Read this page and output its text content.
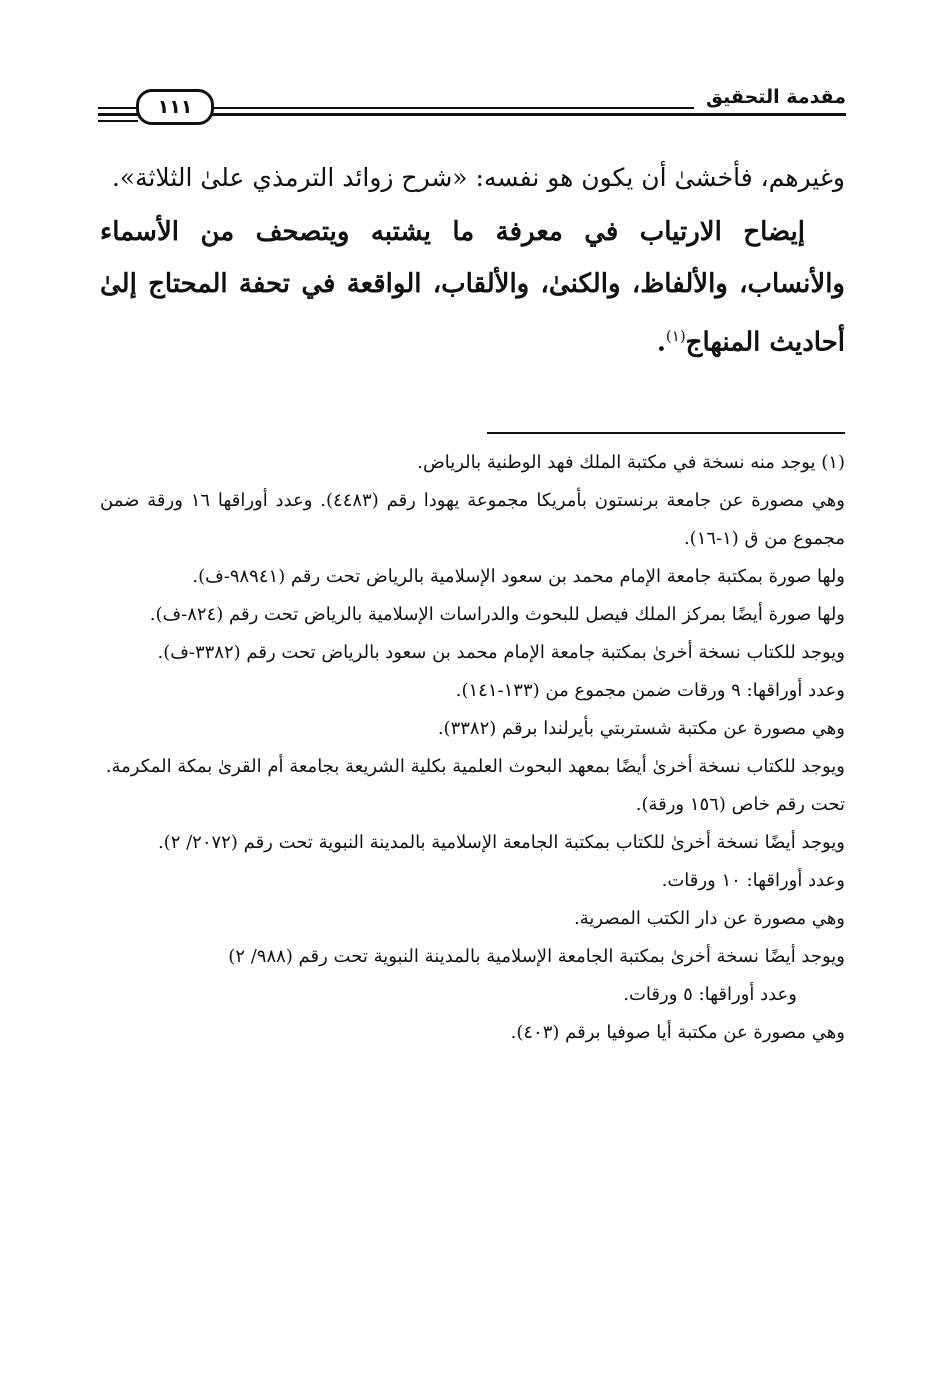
١١١	مقدمة التحقيق

وغيرهم، فأخشىٰ أن يكون هو نفسه: «شرح زوائد الترمذي علىٰ الثلاثة».

إيضاح الارتياب في معرفة ما يشتبه ويتصحف من الأسماء والأنساب، والألفاظ، والكنىٰ، والألقاب، الواقعة في تحفة المحتاج إلىٰ أحاديث المنهاج$^{(١)}$.

(١) يوجد منه نسخة في مكتبة الملك فهد الوطنية بالرياض.

وهي مصورة عن جامعة برنستون بأمريكا مجموعة يهودا رقم (٤٤٨٣). وعدد أوراقها ١٦ ورقة ضمن مجموع من ق (١-١٦).

ولها صورة بمكتبة جامعة الإمام محمد بن سعود الإسلامية بالرياض تحت رقم (٩٨٩٤١-ف).

ولها صورة أيضًا بمركز الملك فيصل للبحوث والدراسات الإسلامية بالرياض تحت رقم (٨٢٤-ف).

ويوجد للكتاب نسخة أخرىٰ بمكتبة جامعة الإمام محمد بن سعود بالرياض تحت رقم (٣٣٨٢-ف).

وعدد أوراقها: ٩ ورقات ضمن مجموع من (١٣٣-١٤١).

وهي مصورة عن مكتبة شستربتي بأيرلندا برقم (٣٣٨٢).

ويوجد للكتاب نسخة أخرىٰ أيضًا بمعهد البحوث العلمية بكلية الشريعة بجامعة أم القرىٰ بمكة المكرمة.

تحت رقم خاص (١٥٦ ورقة).

ويوجد أيضًا نسخة أخرىٰ للكتاب بمكتبة الجامعة الإسلامية بالمدينة النبوية تحت رقم (٢٠٧٢/ ٢).

وعدد أوراقها: ١٠ ورقات.

وهي مصورة عن دار الكتب المصرية.

ويوجد أيضًا نسخة أخرىٰ بمكتبة الجامعة الإسلامية بالمدينة النبوية تحت رقم (٩٨٨/ ٢)

وعدد أوراقها: ٥ ورقات.

وهي مصورة عن مكتبة أيا صوفيا برقم (٤٠٣).
